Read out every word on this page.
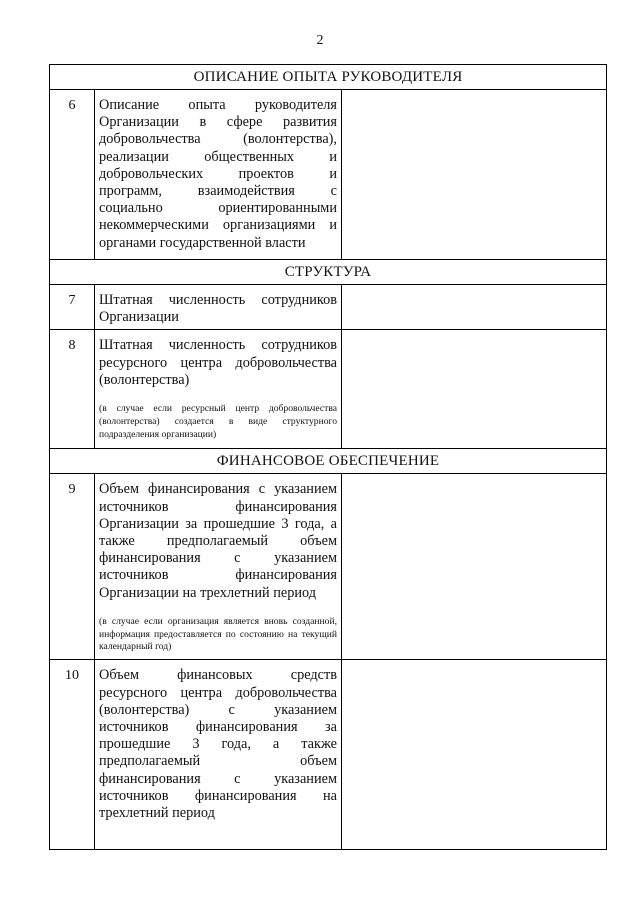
2
ОПИСАНИЕ ОПЫТА РУКОВОДИТЕЛЯ		
6	Описание опыта руководителя Организации в сфере развития добровольчества (волонтерства), реализации общественных и добровольческих проектов и программ, взаимодействия с социально ориентированными некоммерческими организациями и органами государственной власти	

СТРУКТУРА		
7	Штатная численность сотрудников Организации	

8	Штатная численность сотрудников ресурсного центра добровольчества (волонтерства)
(в случае если ресурсный центр добровольчества (волонтерства) создается в виде структурного подразделения организации)	

ФИНАНСОВОЕ ОБЕСПЕЧЕНИЕ		
9	Объем финансирования с указанием источников финансирования Организации за прошедшие 3 года, а также предполагаемый объем финансирования с указанием источников финансирования Организации на трехлетний период
(в случае если организация является вновь созданной, информация предоставляется по состоянию на текущий календарный год)	

10	Объем финансовых средств ресурсного центра добровольчества (волонтерства) с указанием источников финансирования за прошедшие 3 года, а также предполагаемый объем финансирования с указанием источников финансирования на трехлетний период	
